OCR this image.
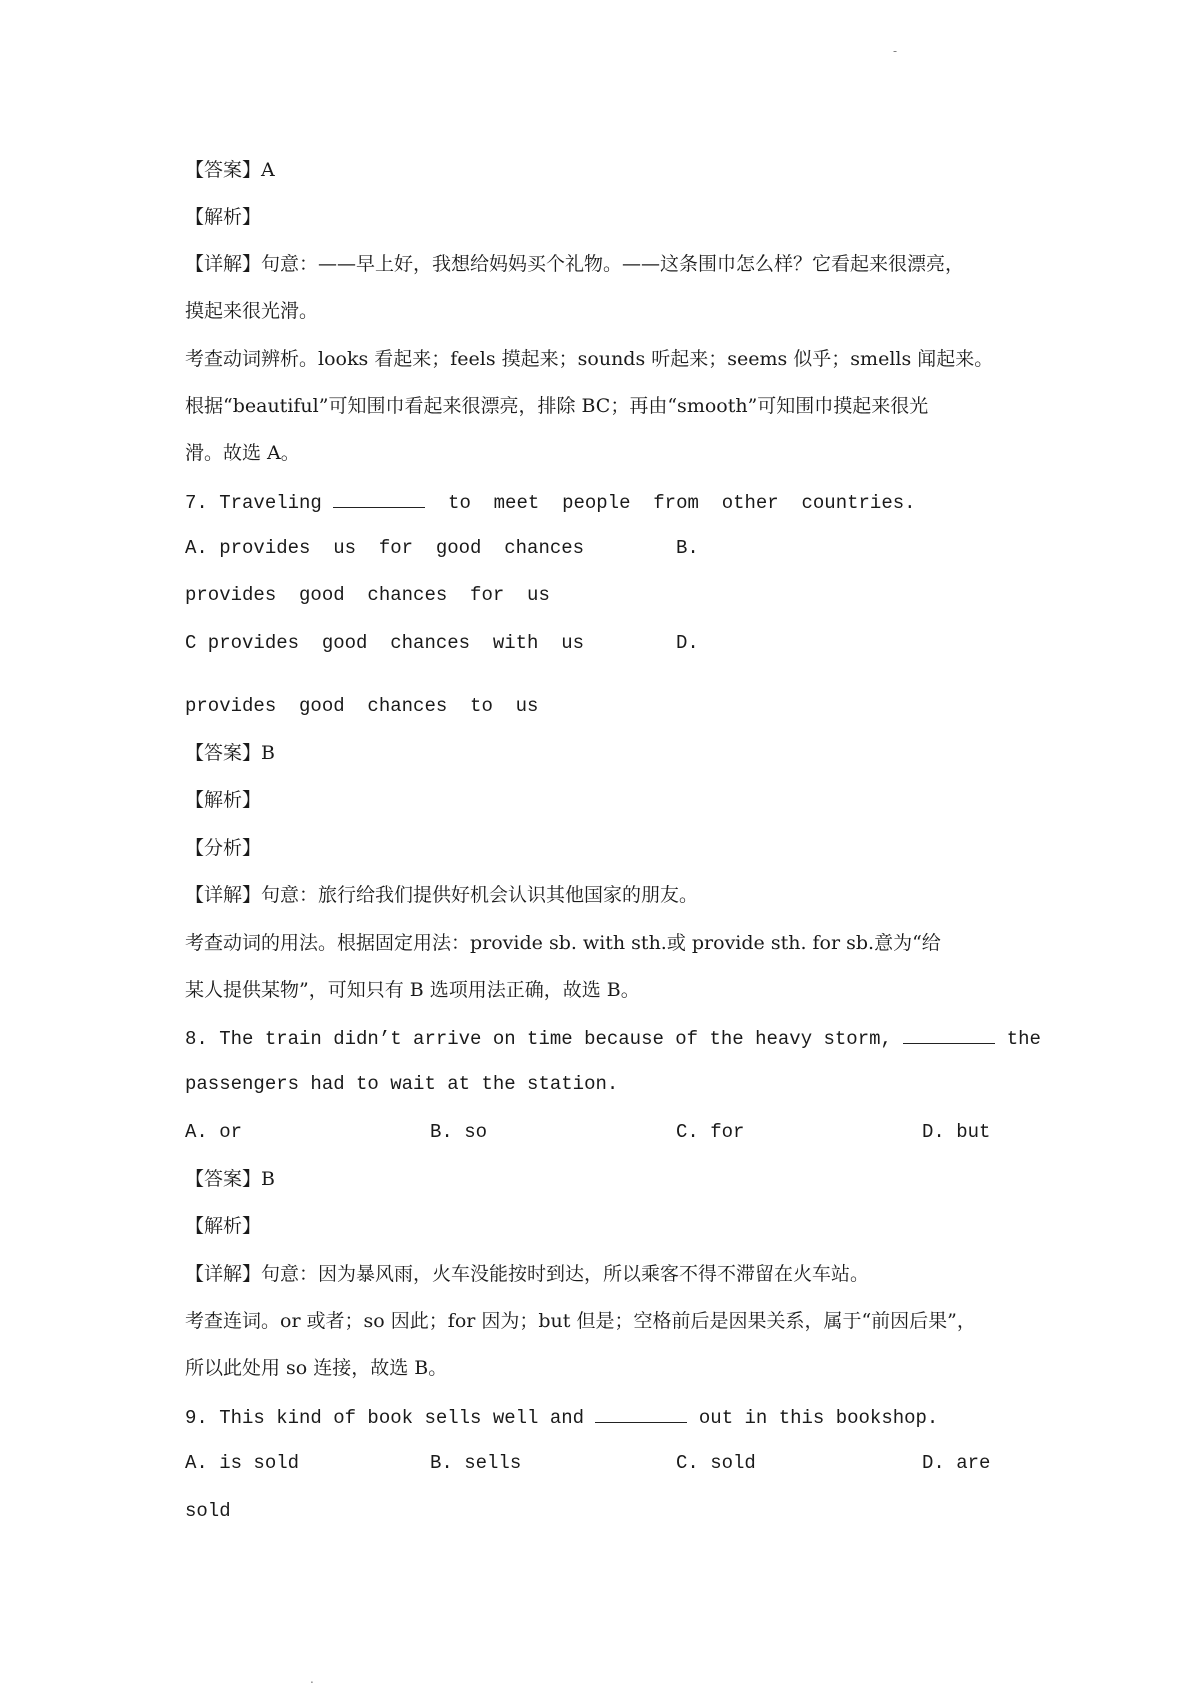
-
【答案】A
【解析】
【详解】句意：——早上好，我想给妈妈买个礼物。——这条围巾怎么样？它看起来很漂亮，
摸起来很光滑。
考查动词辨析。looks 看起来；feels 摸起来；sounds 听起来；seems 似乎；smells 闻起来。
根据“beautiful”可知围巾看起来很漂亮，排除 BC；再由“smooth”可知围巾摸起来很光
滑。故选 A。
7. Traveling	to  meet  people  from  other  countries.
A. provides  us  for  good  chances	B.
provides  good  chances  for  us
C provides  good  chances  with  us	D.
provides  good  chances  to  us
【答案】B
【解析】
【分析】
【详解】句意：旅行给我们提供好机会认识其他国家的朋友。
考查动词的用法。根据固定用法：provide sb. with sth.或 provide sth. for sb.意为“给
某人提供某物”，可知只有 B 选项用法正确，故选 B。
8. The train didn’t arrive on time because of the heavy storm,	the
passengers had to wait at the station.
A. or	B. so	C. for	D. but
【答案】B
【解析】
【详解】句意：因为暴风雨，火车没能按时到达，所以乘客不得不滞留在火车站。
考查连词。or 或者；so 因此；for 因为；but 但是；空格前后是因果关系，属于“前因后果”，
所以此处用 so 连接，故选 B。
9. This kind of book sells well and	out in this bookshop.
A. is sold	B. sells	C. sold	D. are
sold
.
